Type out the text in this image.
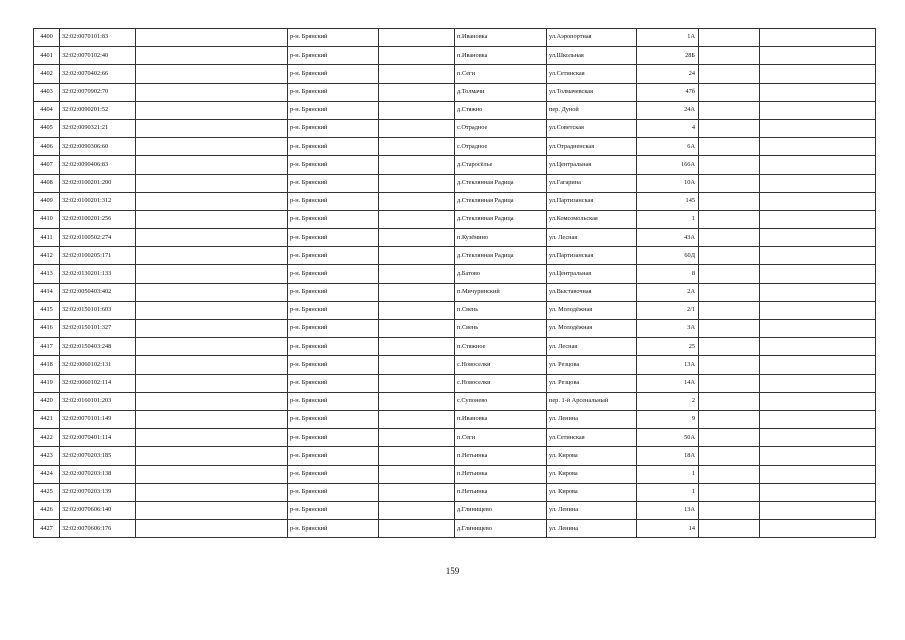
4400	32:02:0070101:83		р-н. Брянский		п.Ивановка	ул.Аэропортная	1А		
4401	32:02:0070102:40		р-н. Брянский		п.Ивановка	ул.Школьная	28Б		
4402	32:02:0070402:66		р-н. Брянский		п.Сеги	ул.Сетинская	24		
4403	32:02:0070902:70		р-н. Брянский		д.Толмачи	ул.Толмачевская	47б		
4404	32:02:0090201:52		р-н. Брянский		д.Стяжно	пер. Дуной	24А		
4405	32:02:0090321:21		р-н. Брянский		с.Отрадное	ул.Советская	4		
4406	32:02:0090306:60		р-н. Брянский		с.Отрадное	ул.Отрадненская	6А		
4407	32:02:0090406:83		р-н. Брянский		д.Старосёлье	ул.Центральная	166А		
4408	32:02:0100201:200		р-н. Брянский		д.Стеклянная Радица	ул.Гагарина	10А		
4409	32:02:0100201:312		р-н. Брянский		д.Стеклянная Радица	ул.Партизанская	145		
4410	32:02:0100201:256		р-н. Брянский		д.Стеклянная Радица	ул.Комсомольская	1		
4411	32:02:0100502:274		р-н. Брянский		п.Кузёмино	ул. Лесная	43А		
4412	32:02:0100205:171		р-н. Брянский		д.Стеклянная Радица	ул.Партизанская	60Д		
4413	32:02:0130201:133		р-н. Брянский		д.Батово	ул.Центральная	8		
4414	32:02:0050403:402		р-н. Брянский		п.Мичуринский	ул.Выставочная	2А		
4415	32:02:0150101:603		р-н. Брянский		п.Свень	ул. Молодёжная	2/1		
4416	32:02:0150101:327		р-н. Брянский		п.Свень	ул. Молодёжная	3А		
4417	32:02:0150403:248		р-н. Брянский		п.Стяжное	ул. Лесная	25		
4418	32:02:0060102:131		р-н. Брянский		с.Новоселки	ул. Резцова	13А		
4419	32:02:0060102:114		р-н. Брянский		с.Новоселки	ул. Резцова	14А		
4420	32:02:0160101:203		р-н. Брянский		с.Супонево	пер. 1-й Арсенальный	2		
4421	32:02:0070101:149		р-н. Брянский		п.Ивановка	ул. Ленина	9		
4422	32:02:0070401:114		р-н. Брянский		п.Сеги	ул.Сетинская	50А		
4423	32:02:0070203:185		р-н. Брянский		п.Нетьинка	ул. Кирова	18А		
4424	32:02:0070203:138		р-н. Брянский		п.Нетьинка	ул. Кирова	1		
4425	32:02:0070203:139		р-н. Брянский		п.Нетьинка	ул. Кирова	1		
4426	32:02:0070606:140		р-н. Брянский		д.Глинищево	ул. Ленина	13А		
4427	32:02:0070606:176		р-н. Брянский		д.Глинищево	ул. Ленина	14		
159
